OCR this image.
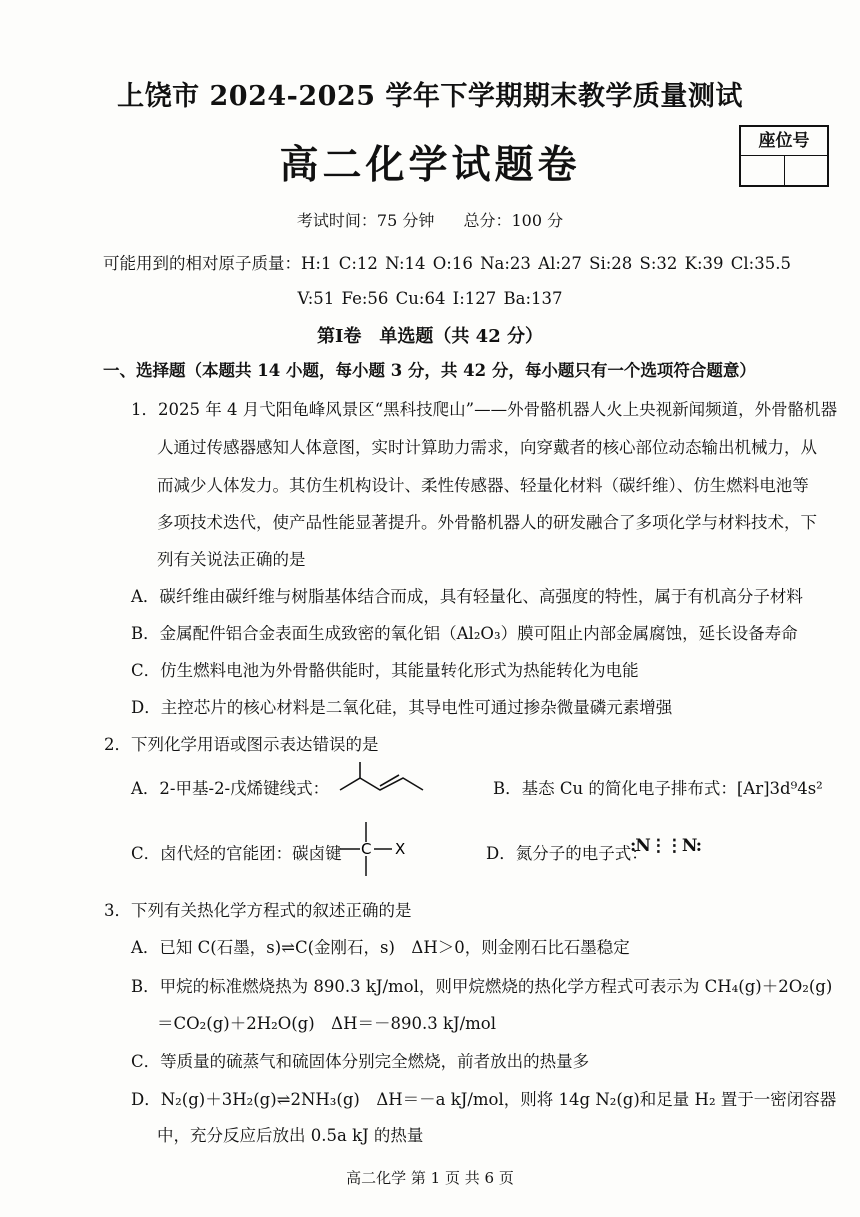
上饶市 2024-2025 学年下学期期末教学质量测试
高二化学试题卷
座位号
考试时间：75 分钟 总分：100 分
可能用到的相对原子质量：H:1 C:12 N:14 O:16 Na:23 Al:27 Si:28 S:32 K:39 Cl:35.5
V:51 Fe:56 Cu:64 I:127 Ba:137
第Ⅰ卷　单选题（共 42 分）
一、选择题（本题共 14 小题，每小题 3 分，共 42 分，每小题只有一个选项符合题意）
1．2025 年 4 月弋阳龟峰风景区“黑科技爬山”——外骨骼机器人火上央视新闻频道，外骨骼机器
人通过传感器感知人体意图，实时计算助力需求，向穿戴者的核心部位动态输出机械力，从
而减少人体发力。其仿生机构设计、柔性传感器、轻量化材料（碳纤维）、仿生燃料电池等
多项技术迭代，使产品性能显著提升。外骨骼机器人的研发融合了多项化学与材料技术，下
列有关说法正确的是
A．碳纤维由碳纤维与树脂基体结合而成，具有轻量化、高强度的特性，属于有机高分子材料
B．金属配件铝合金表面生成致密的氧化铝（Al₂O₃）膜可阻止内部金属腐蚀，延长设备寿命
C．仿生燃料电池为外骨骼供能时，其能量转化形式为热能转化为电能
D．主控芯片的核心材料是二氧化硅，其导电性可通过掺杂微量磷元素增强
2．下列化学用语或图示表达错误的是
A．2-甲基-2-戊烯键线式：	B．基态 Cu 的简化电子排布式：[Ar]3d⁹4s²
C．卤代烃的官能团：碳卤键 C X	D．氮分子的电子式：
:N⋮⋮N:
3．下列有关热化学方程式的叙述正确的是
A．已知 C(石墨，s)⇌C(金刚石，s)　ΔH＞0，则金刚石比石墨稳定
B．甲烷的标准燃烧热为 890.3 kJ/mol，则甲烷燃烧的热化学方程式可表示为 CH₄(g)＋2O₂(g)
＝CO₂(g)＋2H₂O(g)　ΔH＝－890.3 kJ/mol
C．等质量的硫蒸气和硫固体分别完全燃烧，前者放出的热量多
D．N₂(g)＋3H₂(g)⇌2NH₃(g)　ΔH＝－a kJ/mol，则将 14g N₂(g)和足量 H₂ 置于一密闭容器
中，充分反应后放出 0.5a kJ 的热量
高二化学 第 1 页 共 6 页
